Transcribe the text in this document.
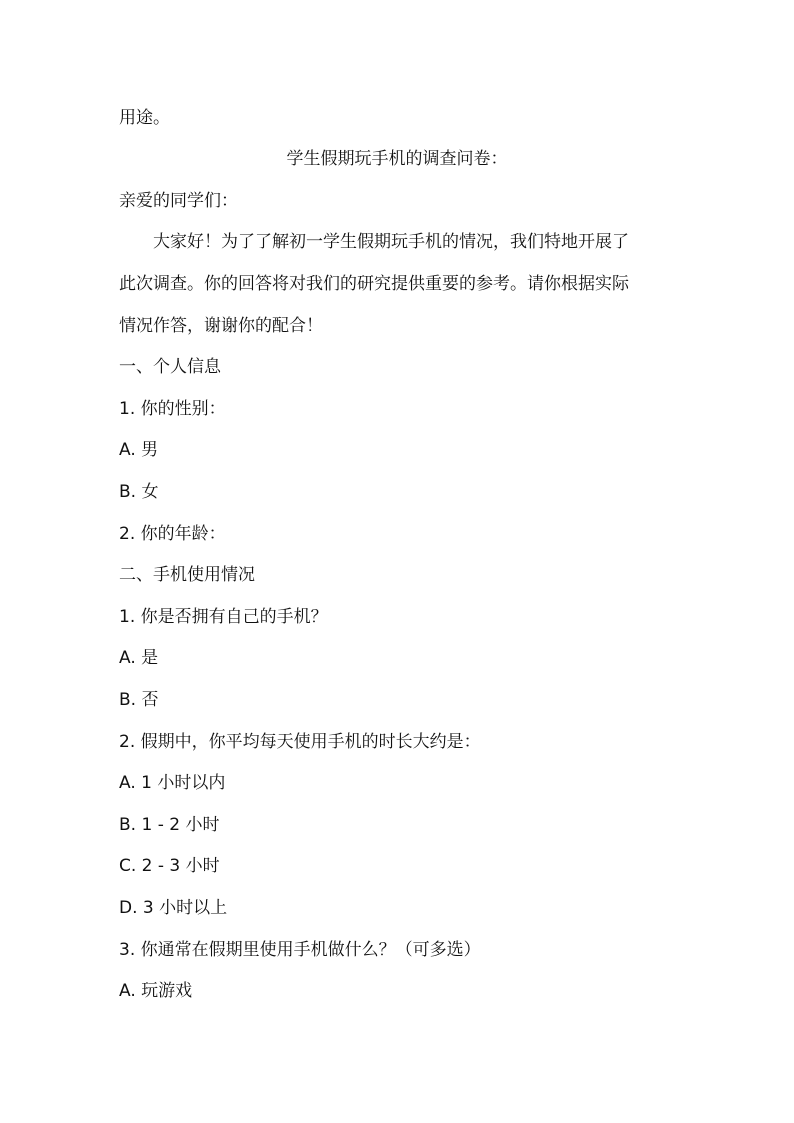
用途。
学生假期玩手机的调查问卷：
亲爱的同学们：
大家好！为了了解初一学生假期玩手机的情况，我们特地开展了
此次调查。你的回答将对我们的研究提供重要的参考。请你根据实际
情况作答，谢谢你的配合！
一、个人信息
1. 你的性别：
A. 男
B. 女
2. 你的年龄：
二、手机使用情况
1. 你是否拥有自己的手机？
A. 是
B. 否
2. 假期中，你平均每天使用手机的时长大约是：
A. 1 小时以内
B. 1 - 2 小时
C. 2 - 3 小时
D. 3 小时以上
3. 你通常在假期里使用手机做什么？（可多选）
A. 玩游戏
